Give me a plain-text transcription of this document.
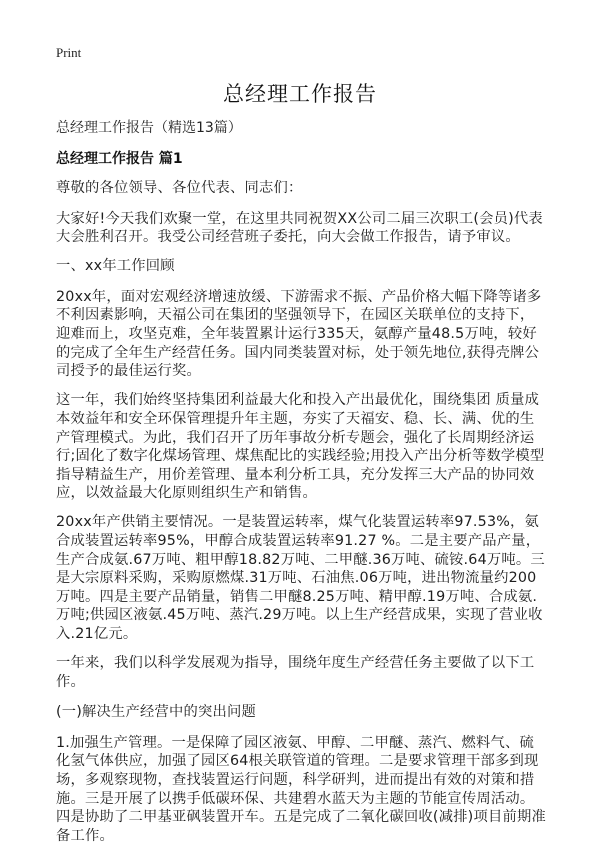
Print
总经理工作报告

总经理工作报告（精选13篇）

总经理工作报告 篇1

尊敬的各位领导、各位代表、同志们：

大家好!今天我们欢聚一堂，在这里共同祝贺XX公司二届三次职工(会员)代表大会胜利召开。我受公司经营班子委托，向大会做工作报告，请予审议。

一、xx年工作回顾

20xx年，面对宏观经济增速放缓、下游需求不振、产品价格大幅下降等诸多不利因素影响，天福公司在集团的坚强领导下，在园区关联单位的支持下，迎难而上，攻坚克难，全年装置累计运行335天，氨醇产量48.5万吨，较好的完成了全年生产经营任务。国内同类装置对标，处于领先地位,获得壳牌公司授予的最佳运行奖。

这一年，我们始终坚持集团利益最大化和投入产出最优化，围绕集团 质量成本效益年和安全环保管理提升年主题，夯实了天福安、稳、长、满、优的生产管理模式。为此，我们召开了历年事故分析专题会，强化了长周期经济运行;固化了数字化煤场管理、煤焦配比的实践经验;用投入产出分析等数学模型指导精益生产，用价差管理、量本利分析工具，充分发挥三大产品的协同效应，以效益最大化原则组织生产和销售。

20xx年产供销主要情况。一是装置运转率，煤气化装置运转率97.53%，氨合成装置运转率95%，甲醇合成装置运转率91.27 %。二是主要产品产量，生产合成氨.67万吨、粗甲醇18.82万吨、二甲醚.36万吨、硫铵.64万吨。三是大宗原料采购，采购原燃煤.31万吨、石油焦.06万吨，进出物流量约200万吨。四是主要产品销量，销售二甲醚8.25万吨、精甲醇.19万吨、合成氨.万吨;供园区液氨.45万吨、蒸汽.29万吨。以上生产经营成果，实现了营业收入.21亿元。

一年来，我们以科学发展观为指导，围绕年度生产经营任务主要做了以下工作。

(一)解决生产经营中的突出问题

1.加强生产管理。一是保障了园区液氨、甲醇、二甲醚、蒸汽、燃料气、硫化氢气体供应，加强了园区64根关联管道的管理。二是要求管理干部多到现场，多观察现物，查找装置运行问题，科学研判，进而提出有效的对策和措施。三是开展了以携手低碳环保、共建碧水蓝天为主题的节能宣传周活动。四是协助了二甲基亚砜装置开车。五是完成了二氧化碳回收(减排)项目前期准备工作。
